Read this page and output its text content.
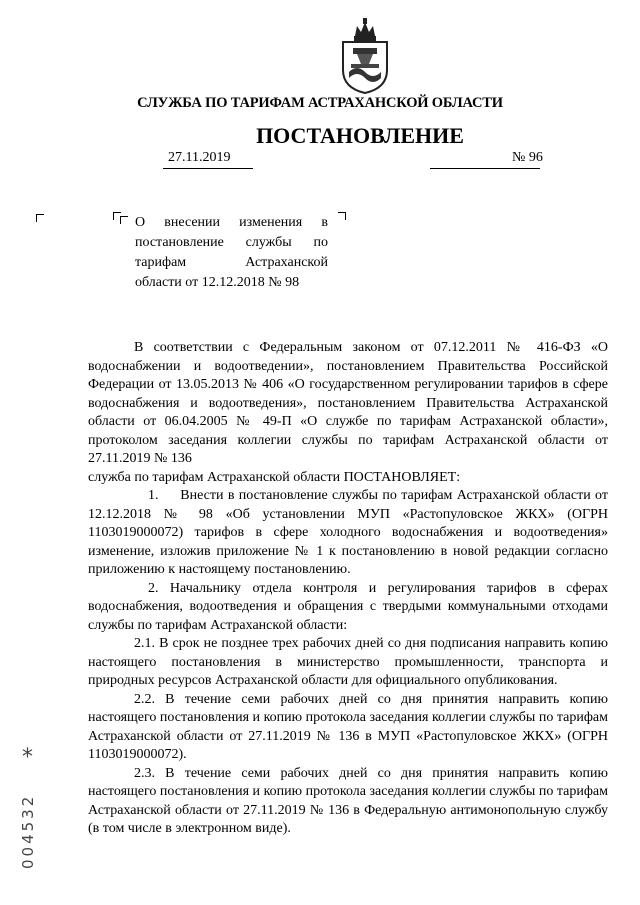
СЛУЖБА ПО ТАРИФАМ АСТРАХАНСКОЙ ОБЛАСТИ
ПОСТАНОВЛЕНИЕ
27.11.2019	№ 96
О внесении изменения в
постановление службы по
тарифам Астраханской
области от 12.12.2018 № 98

В соответствии с Федеральным законом от 07.12.2011 № 416-ФЗ «О водоснабжении и водоотведении», постановлением Правительства Российской Федерации от 13.05.2013 № 406 «О государственном регулировании тарифов в сфере водоснабжения и водоотведения», постановлением Правительства Астраханской области от 06.04.2005 № 49-П «О службе по тарифам Астраханской области», протоколом заседания коллегии службы по тарифам Астраханской области от 27.11.2019 № 136

служба по тарифам Астраханской области ПОСТАНОВЛЯЕТ:

1.     Внести в постановление службы по тарифам Астраханской области от 12.12.2018 № 98 «Об установлении МУП «Растопуловское ЖКХ» (ОГРН 1103019000072) тарифов в сфере холодного водоснабжения и водоотведения» изменение, изложив приложение № 1 к постановлению в новой редакции согласно приложению к настоящему постановлению.

2. Начальнику отдела контроля и регулирования тарифов в сферах водоснабжения, водоотведения и обращения с твердыми коммунальными отходами службы по тарифам Астраханской области:

2.1. В срок не позднее трех рабочих дней со дня подписания направить копию настоящего постановления в министерство промышленности, транспорта и природных ресурсов Астраханской области для официального опубликования.

2.2. В течение семи рабочих дней со дня принятия направить копию настоящего постановления и копию протокола заседания коллегии службы по тарифам Астраханской области от 27.11.2019 № 136 в МУП «Растопуловское ЖКХ» (ОГРН 1103019000072).

2.3. В течение семи рабочих дней со дня принятия направить копию настоящего постановления и копию протокола заседания коллегии службы по тарифам Астраханской области от 27.11.2019 № 136 в Федеральную антимонопольную службу (в том числе в электронном виде).

*
004532
